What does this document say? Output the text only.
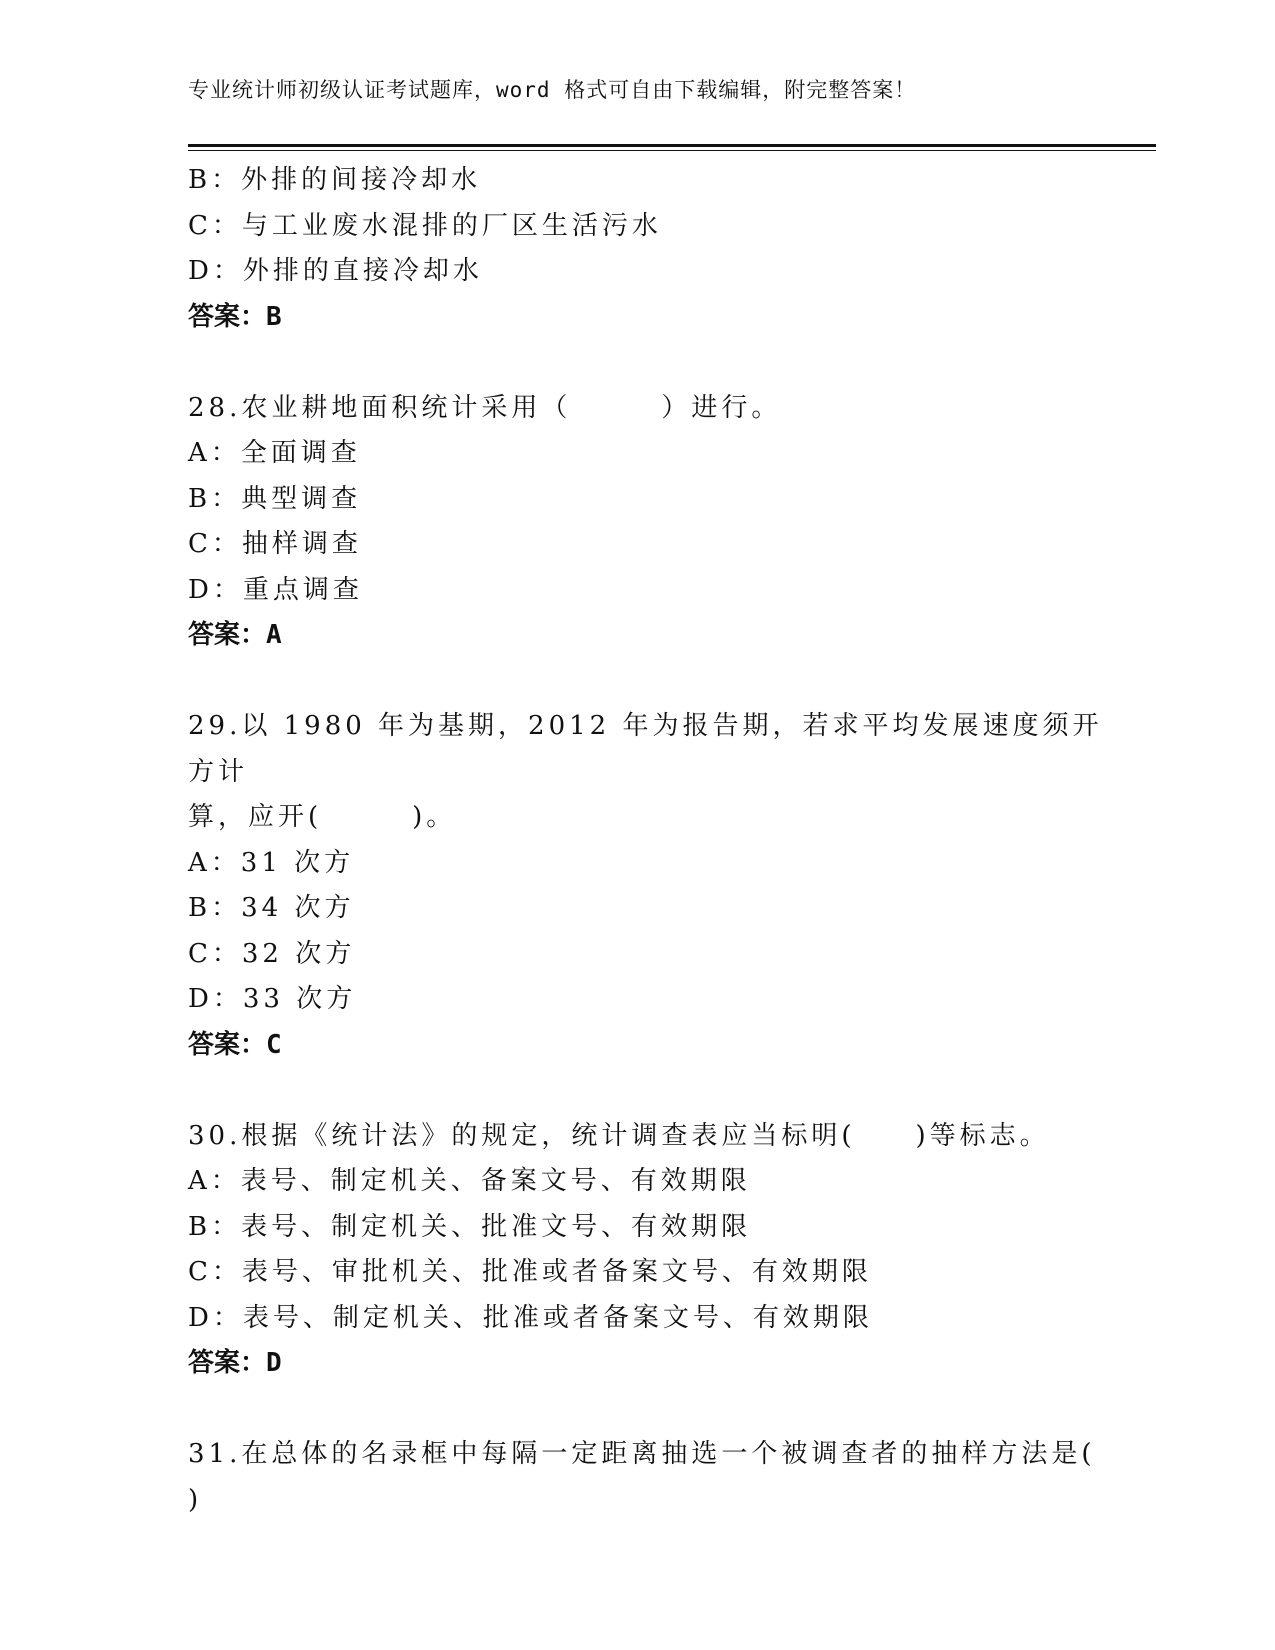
专业统计师初级认证考试题库，word 格式可自由下载编辑，附完整答案！
B：外排的间接冷却水
C：与工业废水混排的厂区生活污水
D：外排的直接冷却水
答案：B
28.农业耕地面积统计采用（　　　）进行。
A：全面调查
B：典型调查
C：抽样调查
D：重点调查
答案：A
29.以 1980 年为基期，2012 年为报告期，若求平均发展速度须开方计
算，应开(　　　)。
A：31 次方
B：34 次方
C：32 次方
D：33 次方
答案：C
30.根据《统计法》的规定，统计调查表应当标明(　　)等标志。
A：表号、制定机关、备案文号、有效期限
B：表号、制定机关、批准文号、有效期限
C：表号、审批机关、批准或者备案文号、有效期限
D：表号、制定机关、批准或者备案文号、有效期限
答案：D
31.在总体的名录框中每隔一定距离抽选一个被调查者的抽样方法是(
)
